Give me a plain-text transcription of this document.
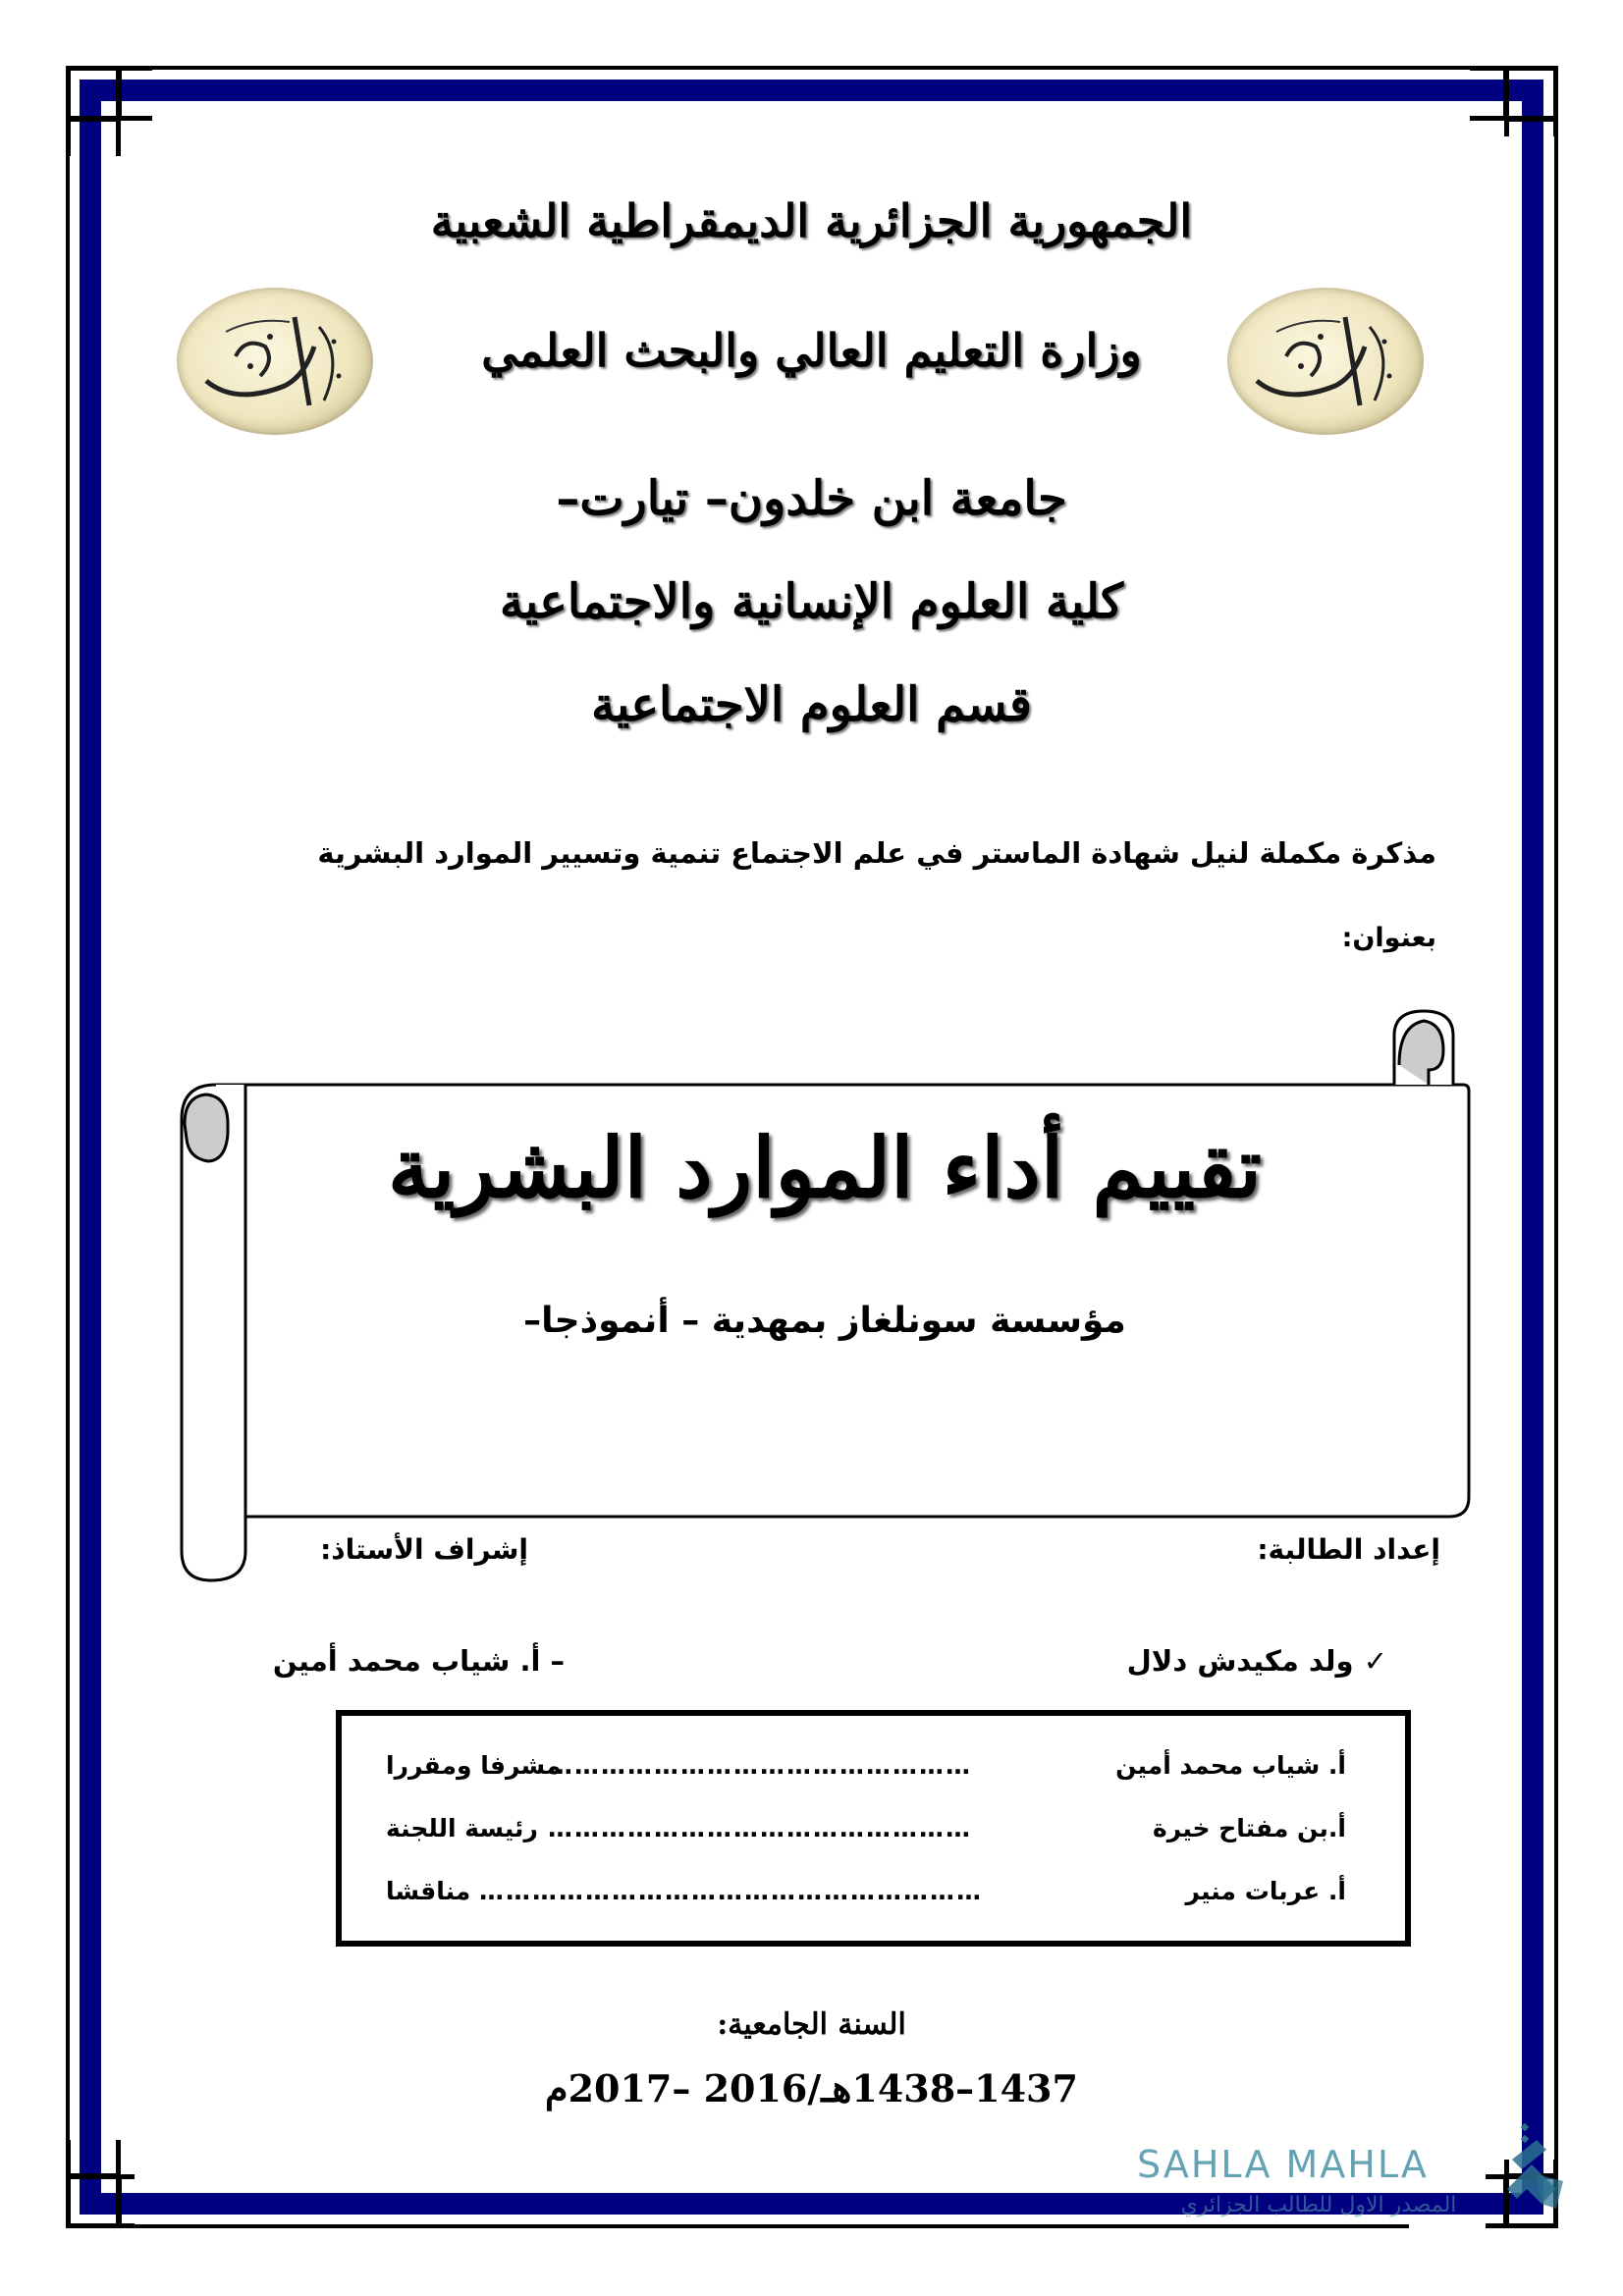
الجمهورية الجزائرية الديمقراطية الشعبية
وزارة التعليم العالي والبحث العلمي
جامعة ابن خلدون– تيارت–
كلية العلوم الإنسانية والاجتماعية
قسم العلوم الاجتماعية
مذكرة مكملة لنيل شهادة الماستر في علم الاجتماع تنمية وتسيير الموارد البشرية
بعنوان:
تقييم أداء الموارد البشرية
مؤسسة سونلغاز بمهدية – أنموذجا–
إعداد الطالبة:
إشراف الأستاذ:
✓ ولد مكيدش دلال
– أ. شياب محمد أمين
أ. شياب محمد أمين
…………………………………………
مشرفا ومقررا
أ.بن مفتاح خيرة
…………………………………………
رئيسة اللجنة
أ. عربات منير
…………………………………………………
مناقشا
السنة الجامعية:
1437–1438هـ/2016 –2017م
SAHLA MAHLA
المصدر الاول للطالب الجزائري
